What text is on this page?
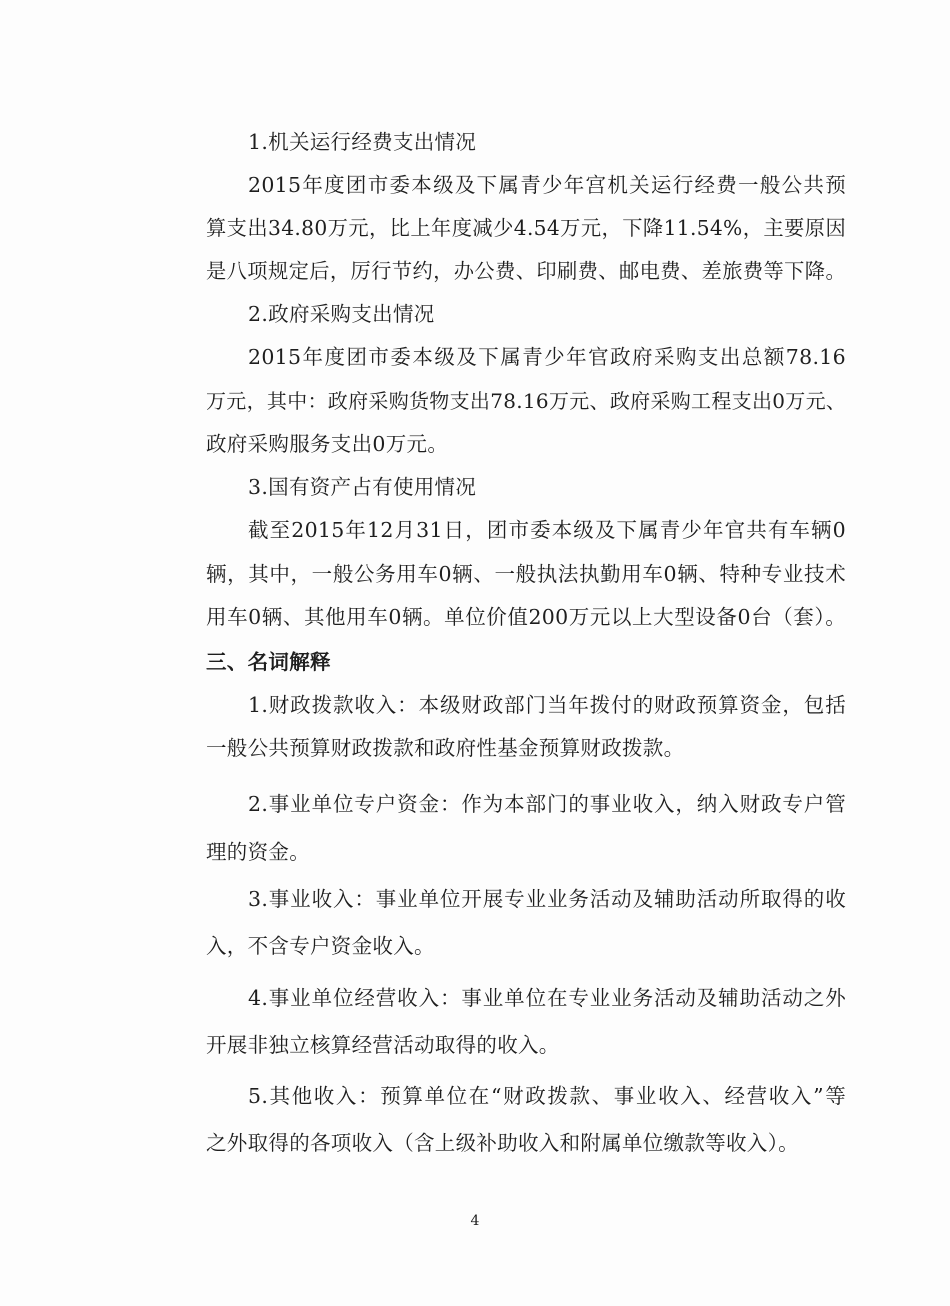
1.机关运行经费支出情况
2015年度团市委本级及下属青少年宫机关运行经费一般公共预
算支出34.80万元，比上年度减少4.54万元，下降11.54%，主要原因
是八项规定后，厉行节约，办公费、印刷费、邮电费、差旅费等下降。
2.政府采购支出情况
2015年度团市委本级及下属青少年官政府采购支出总额78.16
万元，其中：政府采购货物支出78.16万元、政府采购工程支出0万元、
政府采购服务支出0万元。
3.国有资产占有使用情况
截至2015年12月31日，团市委本级及下属青少年官共有车辆0
辆，其中，一般公务用车0辆、一般执法执勤用车0辆、特种专业技术
用车0辆、其他用车0辆。单位价值200万元以上大型设备0台（套）。
三、名词解释
1.财政拨款收入：本级财政部门当年拨付的财政预算资金，包括
一般公共预算财政拨款和政府性基金预算财政拨款。
2.事业单位专户资金：作为本部门的事业收入，纳入财政专户管
理的资金。
3.事业收入：事业单位开展专业业务活动及辅助活动所取得的收
入，不含专户资金收入。
4.事业单位经营收入：事业单位在专业业务活动及辅助活动之外
开展非独立核算经营活动取得的收入。
5.其他收入：预算单位在“财政拨款、事业收入、经营收入”等
之外取得的各项收入（含上级补助收入和附属单位缴款等收入）。
4
